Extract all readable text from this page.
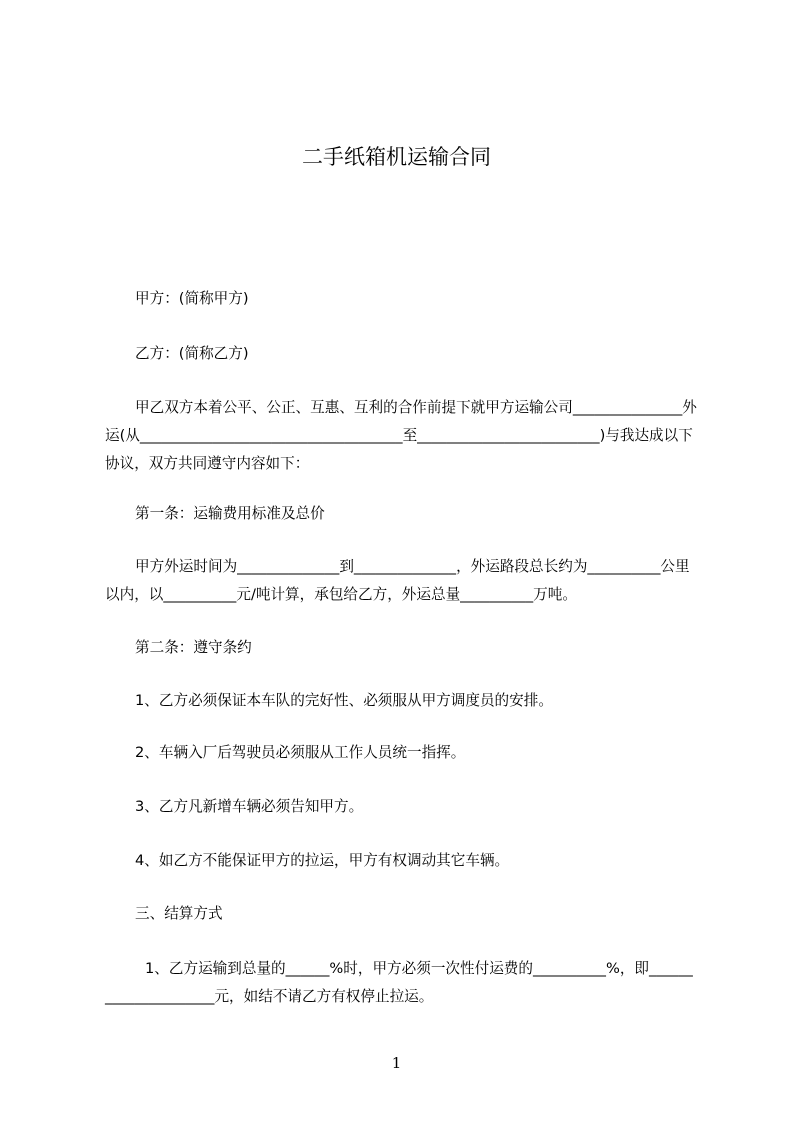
二手纸箱机运输合同
甲方：(简称甲方)
乙方：(简称乙方)
甲乙双方本着公平、公正、互惠、互利的合作前提下就甲方运输公司_______________外运(从____________________________________至_________________________)与我达成以下协议，双方共同遵守内容如下：
第一条：运输费用标准及总价
甲方外运时间为______________到______________，外运路段总长约为__________公里以内，以__________元/吨计算，承包给乙方，外运总量__________万吨。
第二条：遵守条约
1、乙方必须保证本车队的完好性、必须服从甲方调度员的安排。
2、车辆入厂后驾驶员必须服从工作人员统一指挥。
3、乙方凡新增车辆必须告知甲方。
4、如乙方不能保证甲方的拉运，甲方有权调动其它车辆。
三、结算方式
1、乙方运输到总量的______%时，甲方必须一次性付运费的__________%，即_____________________元，如结不请乙方有权停止拉运。
1
